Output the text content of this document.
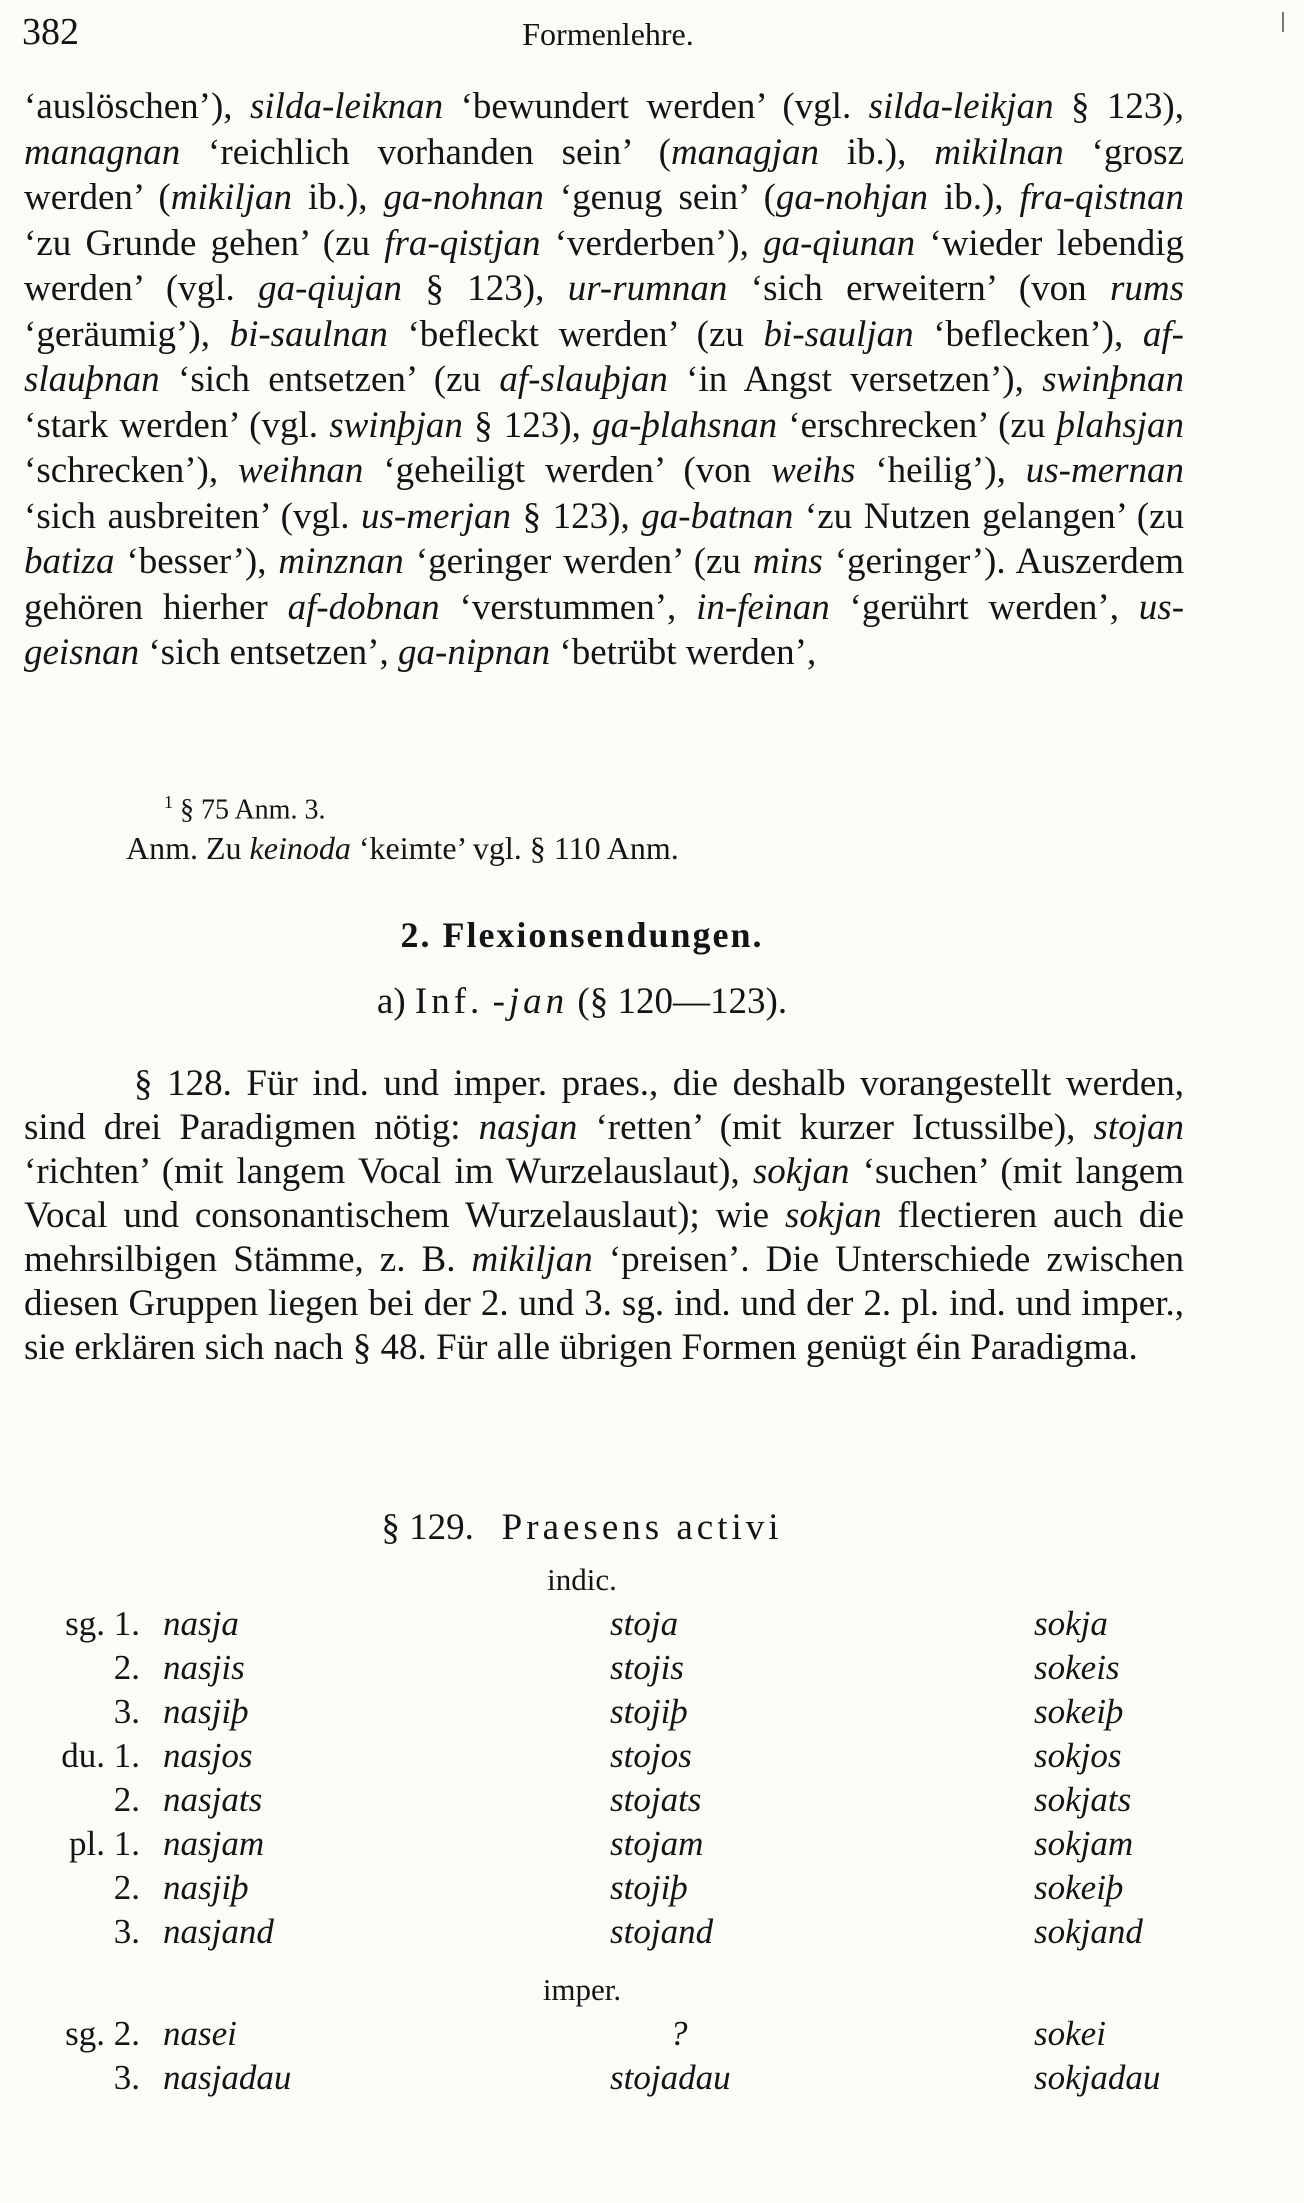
382	Formenlehre.
‘auslöschen’), silda-leiknan ‘bewundert werden’ (vgl. silda-leikjan § 123), managnan ‘reichlich vorhanden sein’ (managjan ib.), mikilnan ‘grosz werden’ (mikiljan ib.), ga-nohnan ‘genug sein’ (ga-nohjan ib.), fra-qistnan ‘zu Grunde gehen’ (zu fra-qistjan ‘verderben’), ga-qiunan ‘wieder lebendig werden’ (vgl. ga-qiujan § 123), ur-rumnan ‘sich erweitern’ (von rums ‘geräumig’), bi-saulnan ‘befleckt werden’ (zu bi-sauljan ‘beflecken’), af-slauþnan ‘sich entsetzen’ (zu af-slauþjan ‘in Angst versetzen’), swinþnan ‘stark werden’ (vgl. swinþjan § 123), ga-þlahsnan ‘erschrecken’ (zu þlahsjan ‘schrecken’), weihnan ‘geheiligt werden’ (von weihs ‘heilig’), us-mernan ‘sich ausbreiten’ (vgl. us-merjan § 123), ga-batnan ‘zu Nutzen gelangen’ (zu batiza ‘besser’), minznan ‘geringer werden’ (zu mins ‘geringer’). Auszerdem gehören hierher af-dobnan ‘verstummen’, in-feinan ‘gerührt werden’, us-geisnan ‘sich entsetzen’, ga-nipnan ‘betrübt werden’,
$^1$ § 75 Anm. 3.
Anm. Zu keinoda ‘keimte’ vgl. § 110 Anm.
2. Flexionsendungen.
a) Inf. -jan (§ 120—123).
§ 128. Für ind. und imper. praes., die deshalb vorangestellt werden, sind drei Paradigmen nötig: nasjan ‘retten’ (mit kurzer Ictussilbe), stojan ‘richten’ (mit langem Vocal im Wurzelauslaut), sokjan ‘suchen’ (mit langem Vocal und consonantischem Wurzelauslaut); wie sokjan flectieren auch die mehrsilbigen Stämme, z. B. mikiljan ‘preisen’. Die Unterschiede zwischen diesen Gruppen liegen bei der 2. und 3. sg. ind. und der 2. pl. ind. und imper., sie erklären sich nach § 48. Für alle übrigen Formen genügt éin Paradigma.
§ 129. Praesens activi
indic.
sg. 1. nasja	stoja	sokja
2. nasjis	stojis	sokeis
3. nasjiþ	stojiþ	sokeiþ
du. 1. nasjos	stojos	sokjos
2. nasjats	stojats	sokjats
pl. 1. nasjam	stojam	sokjam
2. nasjiþ	stojiþ	sokeiþ
3. nasjand	stojand	sokjand
imper.
sg. 2. nasei	?	sokei
3. nasjadau	stojadau	sokjadau
